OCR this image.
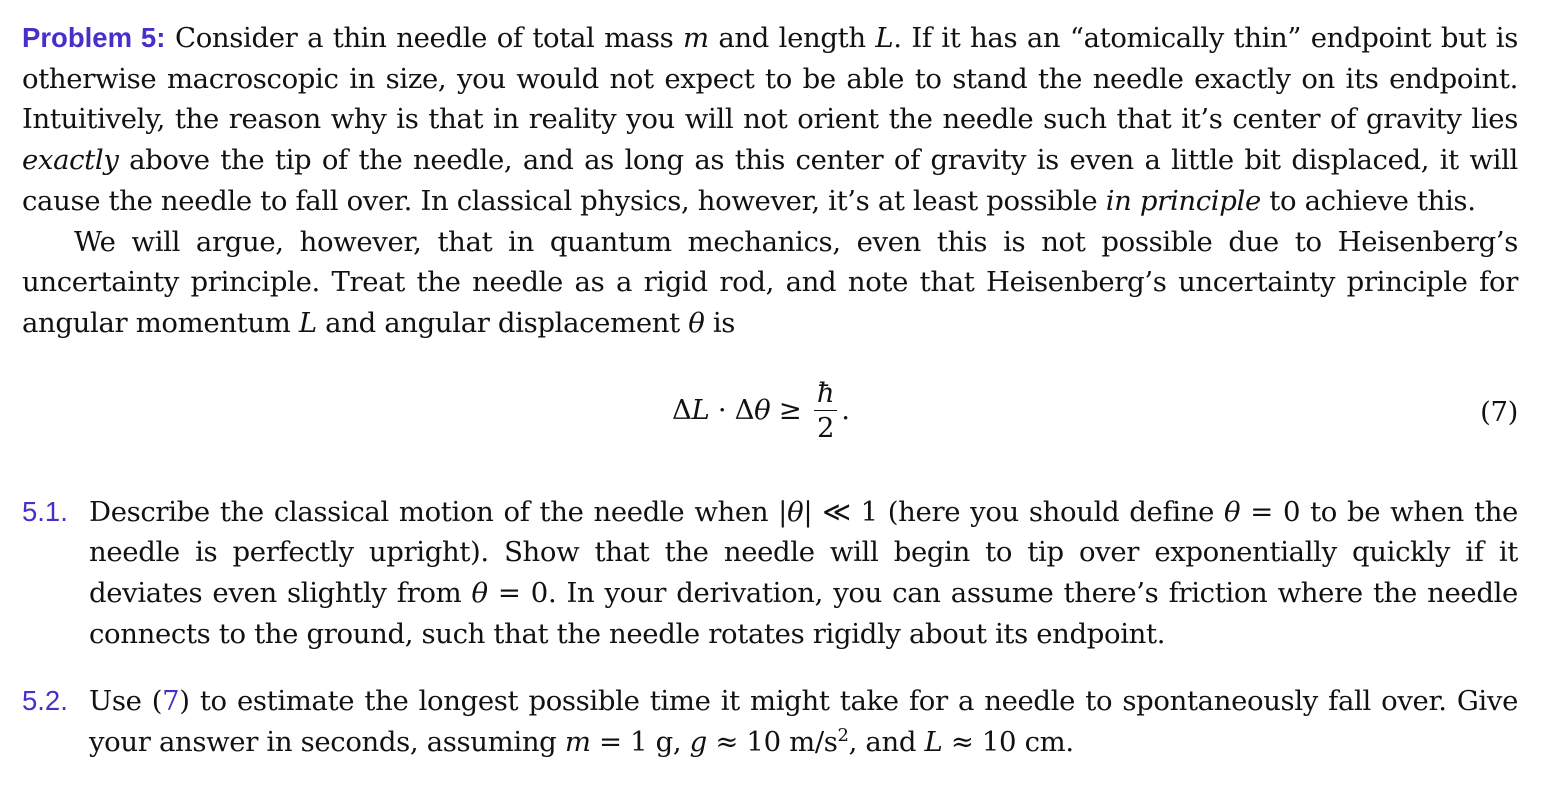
Problem 5: Consider a thin needle of total mass m and length L. If it has an “atomically thin” endpoint but is otherwise macroscopic in size, you would not expect to be able to stand the needle exactly on its endpoint. Intuitively, the reason why is that in reality you will not orient the needle such that it’s center of gravity lies exactly above the tip of the needle, and as long as this center of gravity is even a little bit displaced, it will cause the needle to fall over. In classical physics, however, it’s at least possible in principle to achieve this.

We will argue, however, that in quantum mechanics, even this is not possible due to Heisenberg’s uncertainty principle. Treat the needle as a rigid rod, and note that Heisenberg’s uncertainty principle for angular momentum L and angular displacement θ is

Δ L · Δ $\theta \ge \frac{ħ}{2}$ .	(7)
5.1. Describe the classical motion of the needle when |θ| ≪ 1 (here you should define θ = 0 to be when the needle is perfectly upright). Show that the needle will begin to tip over exponentially quickly if it deviates even slightly from θ = 0. In your derivation, you can assume there’s friction where the needle connects to the ground, such that the needle rotates rigidly about its endpoint.

5.2. Use (7) to estimate the longest possible time it might take for a needle to spontaneously fall over. Give your answer in seconds, assuming m = 1 g, g ≈ 10 $m/s^2$, and L ≈ 10 cm.
